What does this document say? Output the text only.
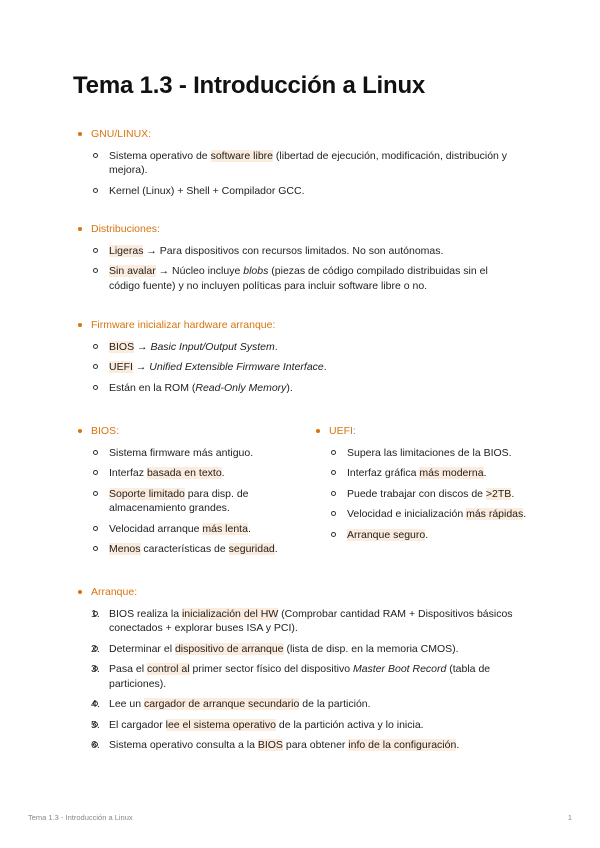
Tema 1.3 - Introducción a Linux
GNU/LINUX:
Sistema operativo de software libre (libertad de ejecución, modificación, distribución y mejora).
Kernel (Linux) + Shell + Compilador GCC.
Distribuciones:
Ligeras → Para dispositivos con recursos limitados. No son autónomas.
Sin avalar → Núcleo incluye blobs (piezas de código compilado distribuidas sin el código fuente) y no incluyen políticas para incluir software libre o no.
Firmware inicializar hardware arranque:
BIOS → Basic Input/Output System.
UEFI → Unified Extensible Firmware Interface.
Están en la ROM (Read-Only Memory).
BIOS:
Sistema firmware más antiguo.
Interfaz basada en texto.
Soporte limitado para disp. de almacenamiento grandes.
Velocidad arranque más lenta.
Menos características de seguridad.
UEFI:
Supera las limitaciones de la BIOS.
Interfaz gráfica más moderna.
Puede trabajar con discos de >2TB.
Velocidad e inicialización más rápidas.
Arranque seguro.
Arranque:
1. BIOS realiza la inicialización del HW (Comprobar cantidad RAM + Dispositivos básicos conectados + explorar buses ISA y PCI).
2. Determinar el dispositivo de arranque (lista de disp. en la memoria CMOS).
3. Pasa el control al primer sector físico del dispositivo Master Boot Record (tabla de particiones).
4. Lee un cargador de arranque secundario de la partición.
5. El cargador lee el sistema operativo de la partición activa y lo inicia.
6. Sistema operativo consulta a la BIOS para obtener info de la configuración.
Tema 1.3 - Introducción a Linux	1
